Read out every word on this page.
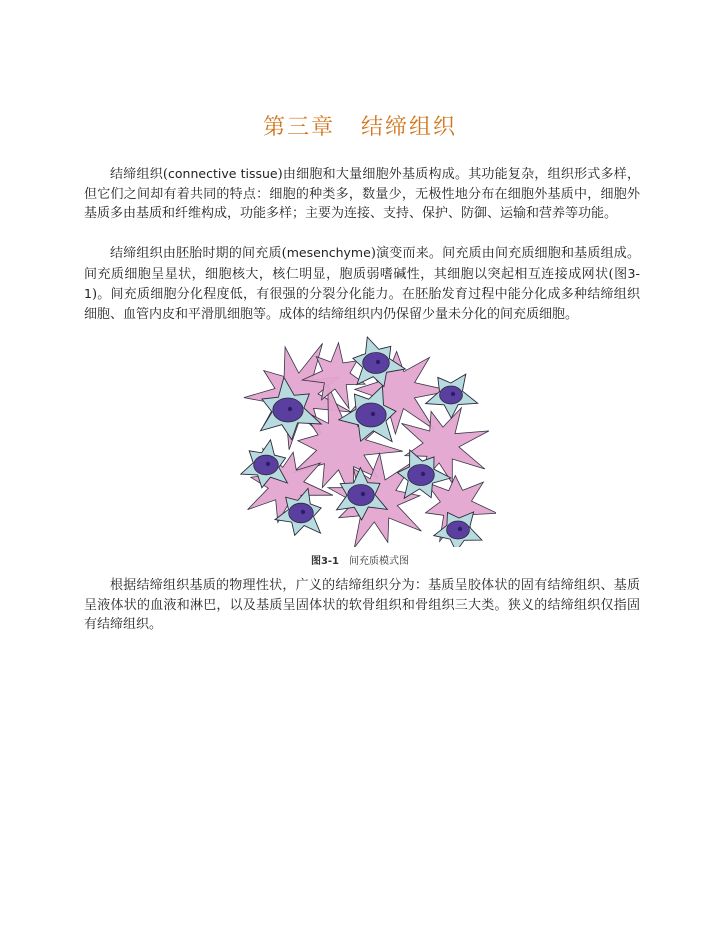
第三章 结缔组织

结缔组织(connective tissue)由细胞和大量细胞外基质构成。其功能复杂，组织形式多样，但它们之间却有着共同的特点：细胞的种类多，数量少，无极性地分布在细胞外基质中，细胞外基质多由基质和纤维构成，功能多样；主要为连接、支持、保护、防御、运输和营养等功能。

结缔组织由胚胎时期的间充质(mesenchyme)演变而来。间充质由间充质细胞和基质组成。间充质细胞呈星状，细胞核大，核仁明显，胞质弱嗜碱性，其细胞以突起相互连接成网状(图3-1)。间充质细胞分化程度低，有很强的分裂分化能力。在胚胎发育过程中能分化成多种结缔组织细胞、血管内皮和平滑肌细胞等。成体的结缔组织内仍保留少量未分化的间充质细胞。

图3-1 间充质模式图

根据结缔组织基质的物理性状，广义的结缔组织分为：基质呈胶体状的固有结缔组织、基质呈液体状的血液和淋巴，以及基质呈固体状的软骨组织和骨组织三大类。狭义的结缔组织仅指固有结缔组织。
